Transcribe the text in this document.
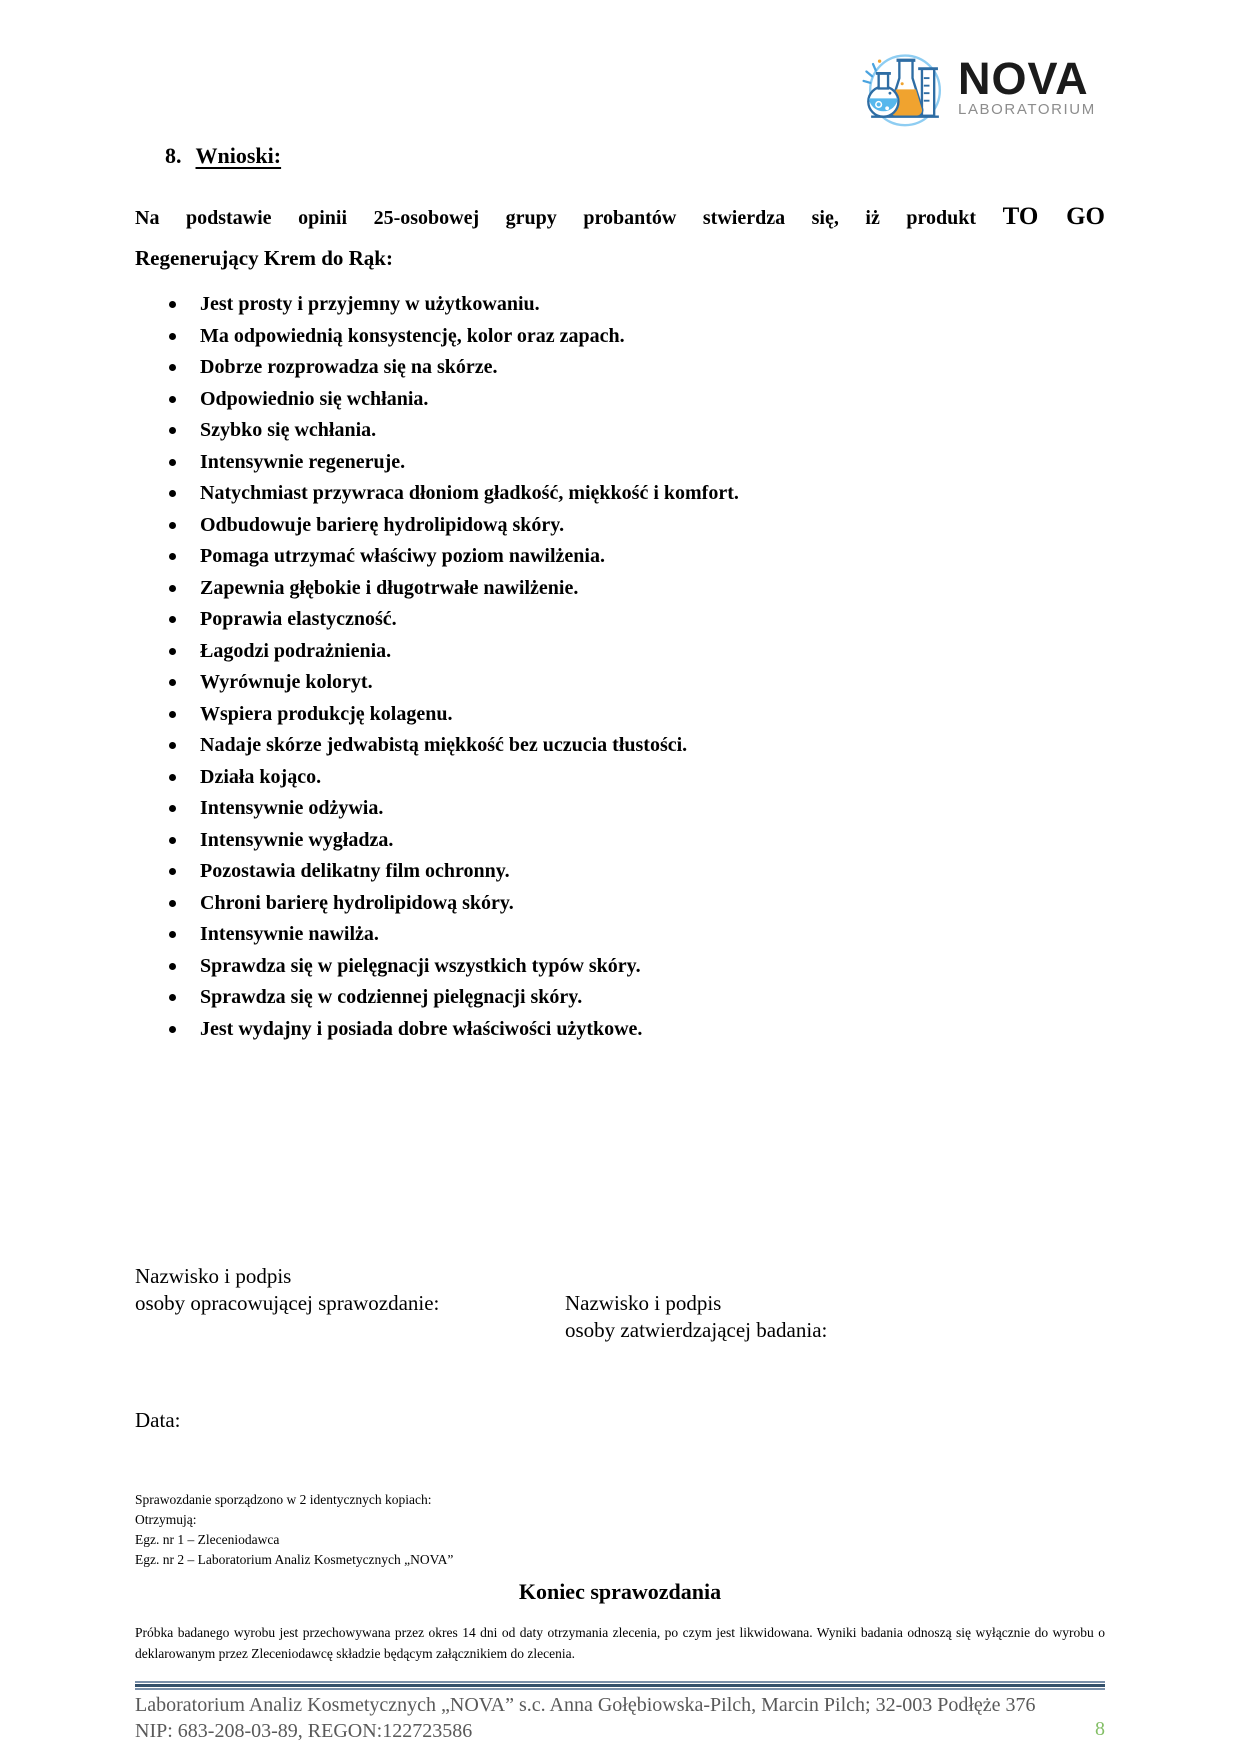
NOVA
LABORATORIUM
8. Wnioski:
Na podstawie opinii 25-osobowej grupy probantów stwierdza się, iż produkt TO GO
Regenerujący Krem do Rąk:
Jest prosty i przyjemny w użytkowaniu.
Ma odpowiednią konsystencję, kolor oraz zapach.
Dobrze rozprowadza się na skórze.
Odpowiednio się wchłania.
Szybko się wchłania.
Intensywnie regeneruje.
Natychmiast przywraca dłoniom gładkość, miękkość i komfort.
Odbudowuje barierę hydrolipidową skóry.
Pomaga utrzymać właściwy poziom nawilżenia.
Zapewnia głębokie i długotrwałe nawilżenie.
Poprawia elastyczność.
Łagodzi podrażnienia.
Wyrównuje koloryt.
Wspiera produkcję kolagenu.
Nadaje skórze jedwabistą miękkość bez uczucia tłustości.
Działa kojąco.
Intensywnie odżywia.
Intensywnie wygładza.
Pozostawia delikatny film ochronny.
Chroni barierę hydrolipidową skóry.
Intensywnie nawilża.
Sprawdza się w pielęgnacji wszystkich typów skóry.
Sprawdza się w codziennej pielęgnacji skóry.
Jest wydajny i posiada dobre właściwości użytkowe.
Nazwisko i podpis
osoby opracowującej sprawozdanie:	Nazwisko i podpis
osoby zatwierdzającej badania:
Data:
Sprawozdanie sporządzono w 2 identycznych kopiach:
Otrzymują:
Egz. nr 1 – Zleceniodawca
Egz. nr 2 – Laboratorium Analiz Kosmetycznych „NOVA”
Koniec sprawozdania
Próbka badanego wyrobu jest przechowywana przez okres 14 dni od daty otrzymania zlecenia, po czym jest likwidowana. Wyniki badania odnoszą się wyłącznie do wyrobu o deklarowanym przez Zleceniodawcę składzie będącym załącznikiem do zlecenia.
Laboratorium Analiz Kosmetycznych „NOVA” s.c. Anna Gołębiowska-Pilch, Marcin Pilch; 32-003 Podłęże 376
NIP: 683-208-03-89, REGON:122723586	8
